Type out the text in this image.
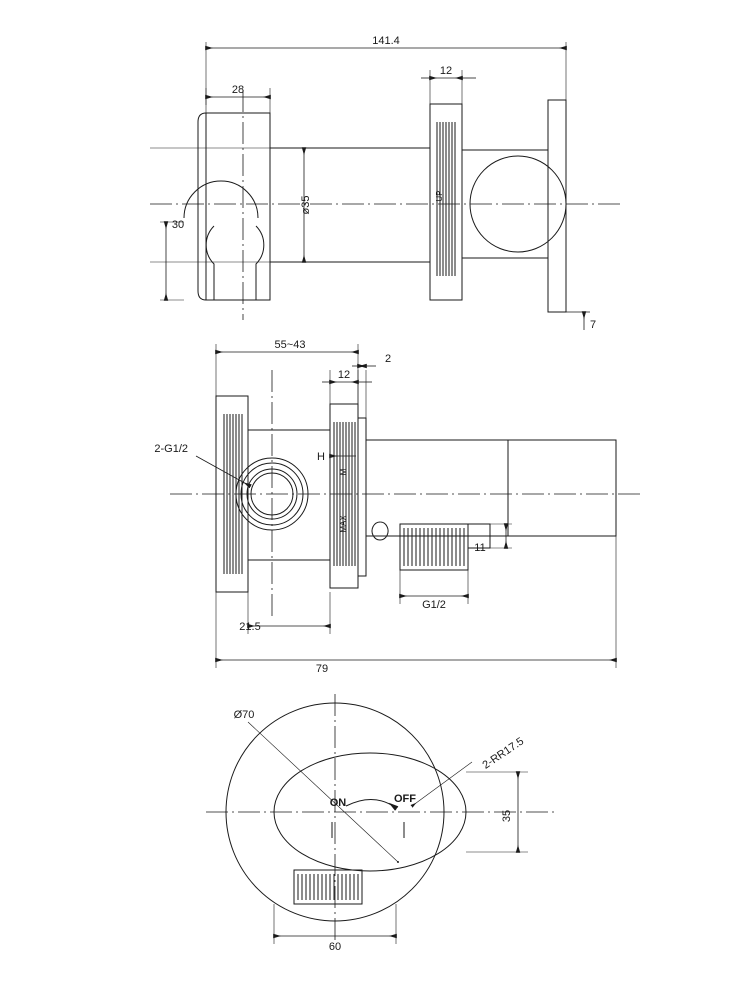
141.4
28
12
ø35
30
7
UP
55~43
12
2
2-G1/2
G1/2
11
21.5
79
H
M
MAX
Ø70
2-RR17.5
35
60
ON	OFF
